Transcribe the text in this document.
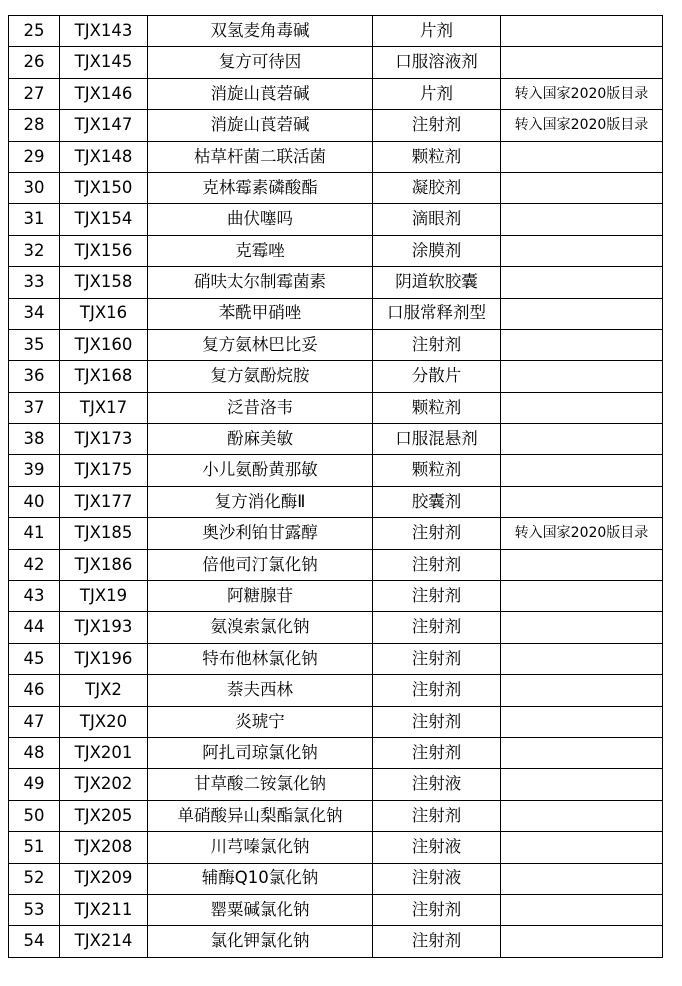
25	TJX143	双氢麦角毒碱	片剂	
26	TJX145	复方可待因	口服溶液剂	
27	TJX146	消旋山莨菪碱	片剂	转入国家2020版目录
28	TJX147	消旋山莨菪碱	注射剂	转入国家2020版目录
29	TJX148	枯草杆菌二联活菌	颗粒剂	
30	TJX150	克林霉素磷酸酯	凝胶剂	
31	TJX154	曲伏噻吗	滴眼剂	
32	TJX156	克霉唑	涂膜剂	
33	TJX158	硝呋太尔制霉菌素	阴道软胶囊	
34	TJX16	苯酰甲硝唑	口服常释剂型	
35	TJX160	复方氨林巴比妥	注射剂	
36	TJX168	复方氨酚烷胺	分散片	
37	TJX17	泛昔洛韦	颗粒剂	
38	TJX173	酚麻美敏	口服混悬剂	
39	TJX175	小儿氨酚黄那敏	颗粒剂	
40	TJX177	复方消化酶Ⅱ	胶囊剂	
41	TJX185	奥沙利铂甘露醇	注射剂	转入国家2020版目录
42	TJX186	倍他司汀氯化钠	注射剂	
43	TJX19	阿糖腺苷	注射剂	
44	TJX193	氨溴索氯化钠	注射剂	
45	TJX196	特布他林氯化钠	注射剂	
46	TJX2	萘夫西林	注射剂	
47	TJX20	炎琥宁	注射剂	
48	TJX201	阿扎司琼氯化钠	注射剂	
49	TJX202	甘草酸二铵氯化钠	注射液	
50	TJX205	单硝酸异山梨酯氯化钠	注射剂	
51	TJX208	川芎嗪氯化钠	注射液	
52	TJX209	辅酶Q10氯化钠	注射液	
53	TJX211	罂粟碱氯化钠	注射剂	
54	TJX214	氯化钾氯化钠	注射剂	
